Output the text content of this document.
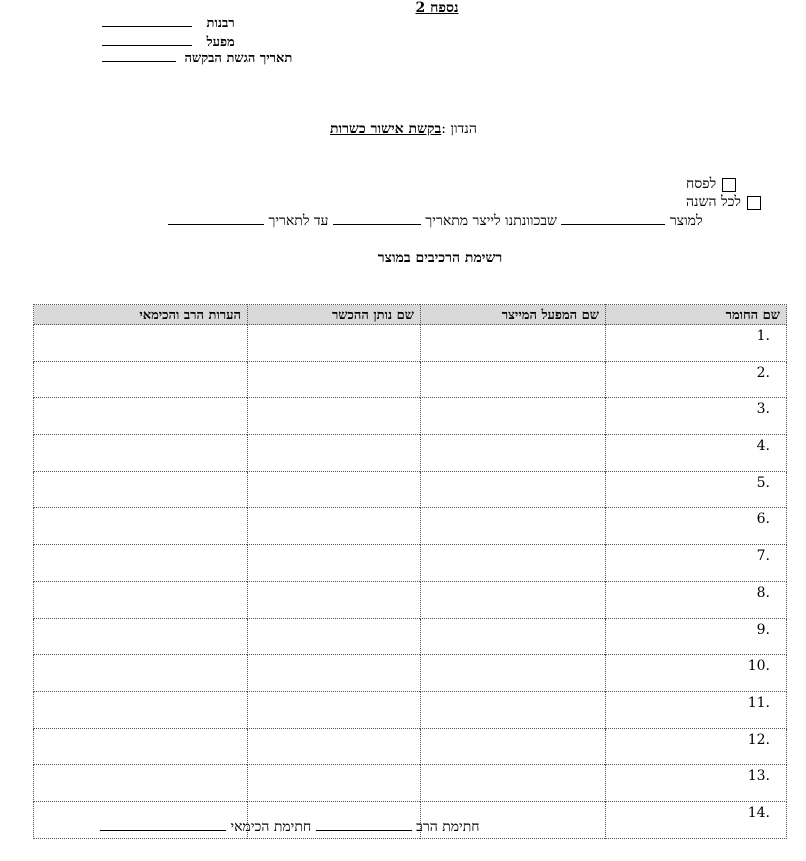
נספח 2
רבנות
מפעל
תאריך הגשת הבקשה
הנדון :בקשת אישור כשרות
לפסח
לכל השנה
למוצר  שבכוונתנו לייצר מתאריך  עד לתאריך
רשימת הרכיבים במוצר
שם החומר	שם המפעל המייצר	שם נותן ההכשר	הערות הרב והכימאי
1.			
2.			
3.			
4.			
5.			
6.			
7.			
8.			
9.			
10.			
11.			
12.			
13.			
14.			
חתימת הרב  חתימת הכימאי
